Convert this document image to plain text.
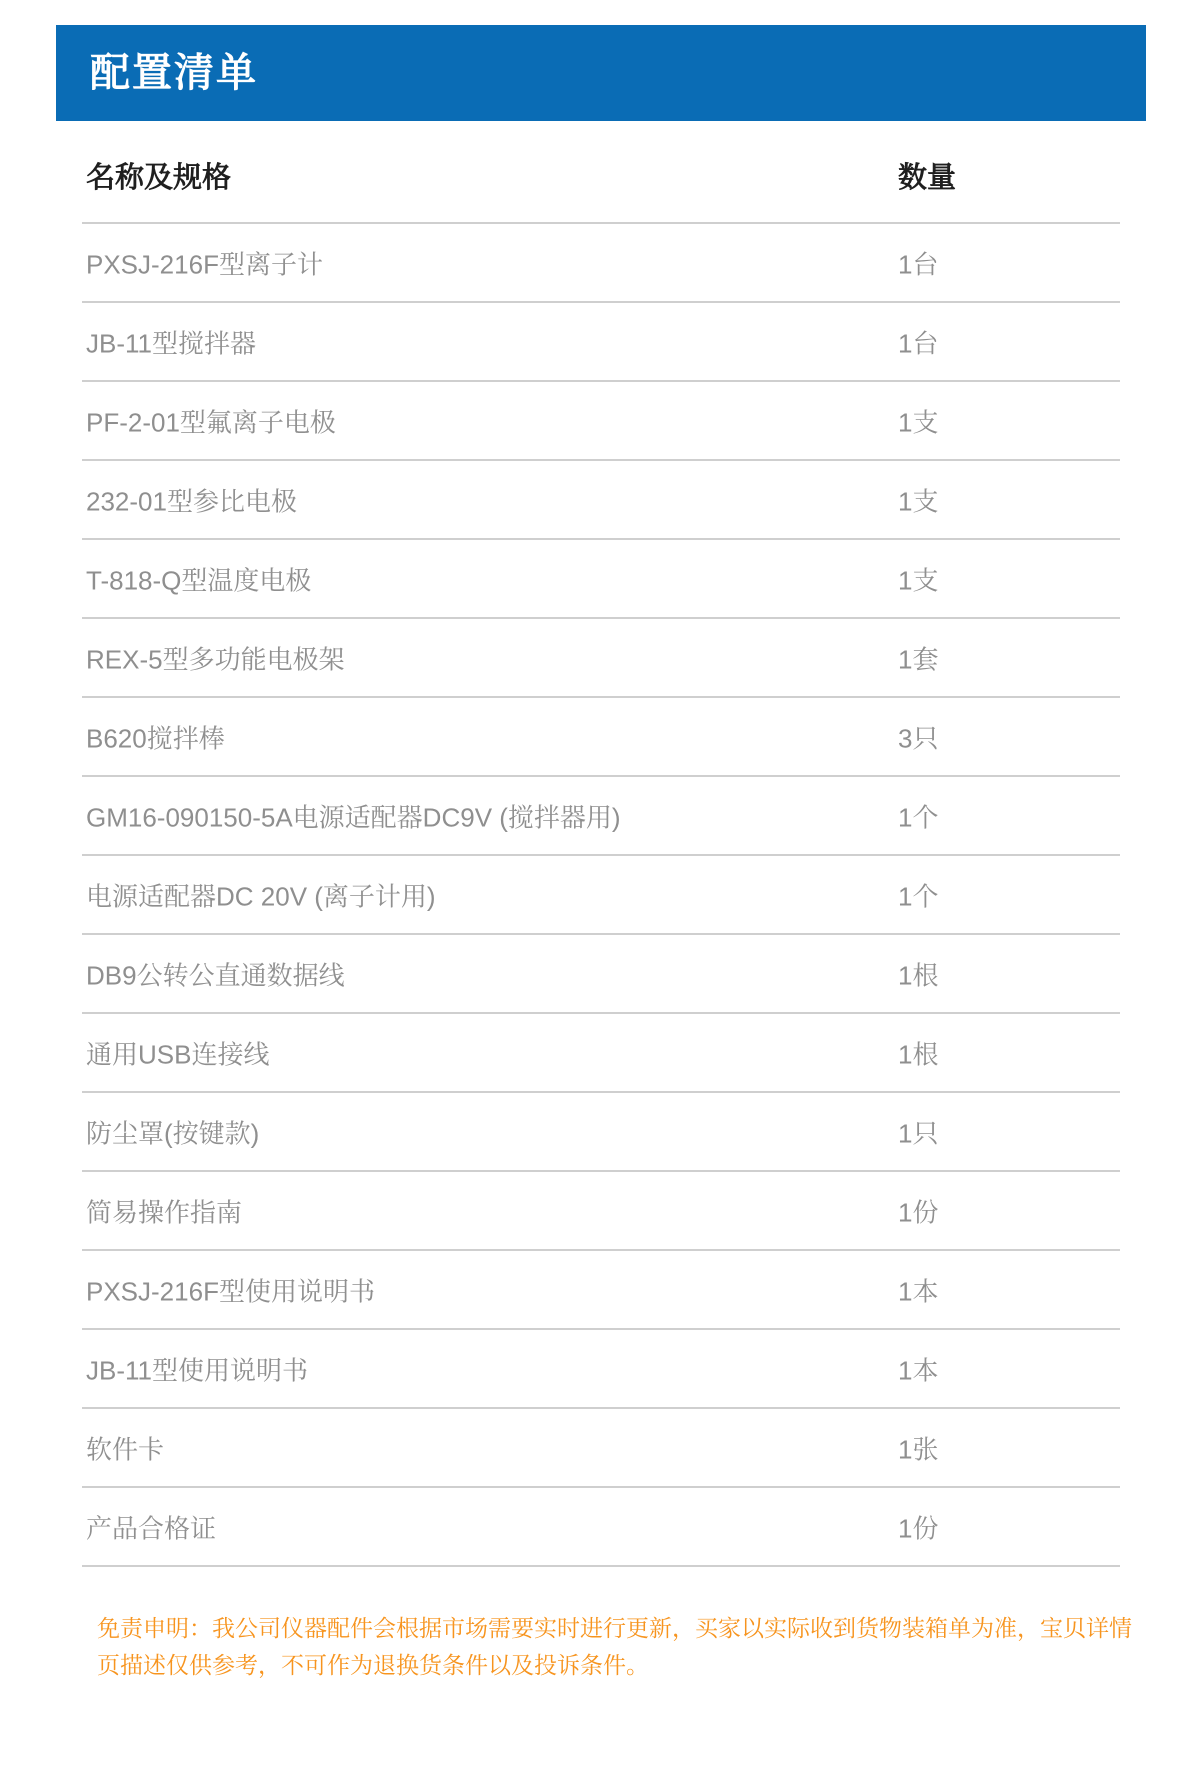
配置清单
名称及规格	数量
PXSJ-216F型离子计	1台
JB-11型搅拌器	1台
PF-2-01型氟离子电极	1支
232-01型参比电极	1支
T-818-Q型温度电极	1支
REX-5型多功能电极架	1套
B620搅拌棒	3只
GM16-090150-5A电源适配器DC9V (搅拌器用)	1个
电源适配器DC 20V (离子计用)	1个
DB9公转公直通数据线	1根
通用USB连接线	1根
防尘罩(按键款)	1只
简易操作指南	1份
PXSJ-216F型使用说明书	1本
JB-11型使用说明书	1本
软件卡	1张
产品合格证	1份

免责申明：我公司仪器配件会根据市场需要实时进行更新，买家以实际收到货物装箱单为准，宝贝详情页描述仅供参考，不可作为退换货条件以及投诉条件。
